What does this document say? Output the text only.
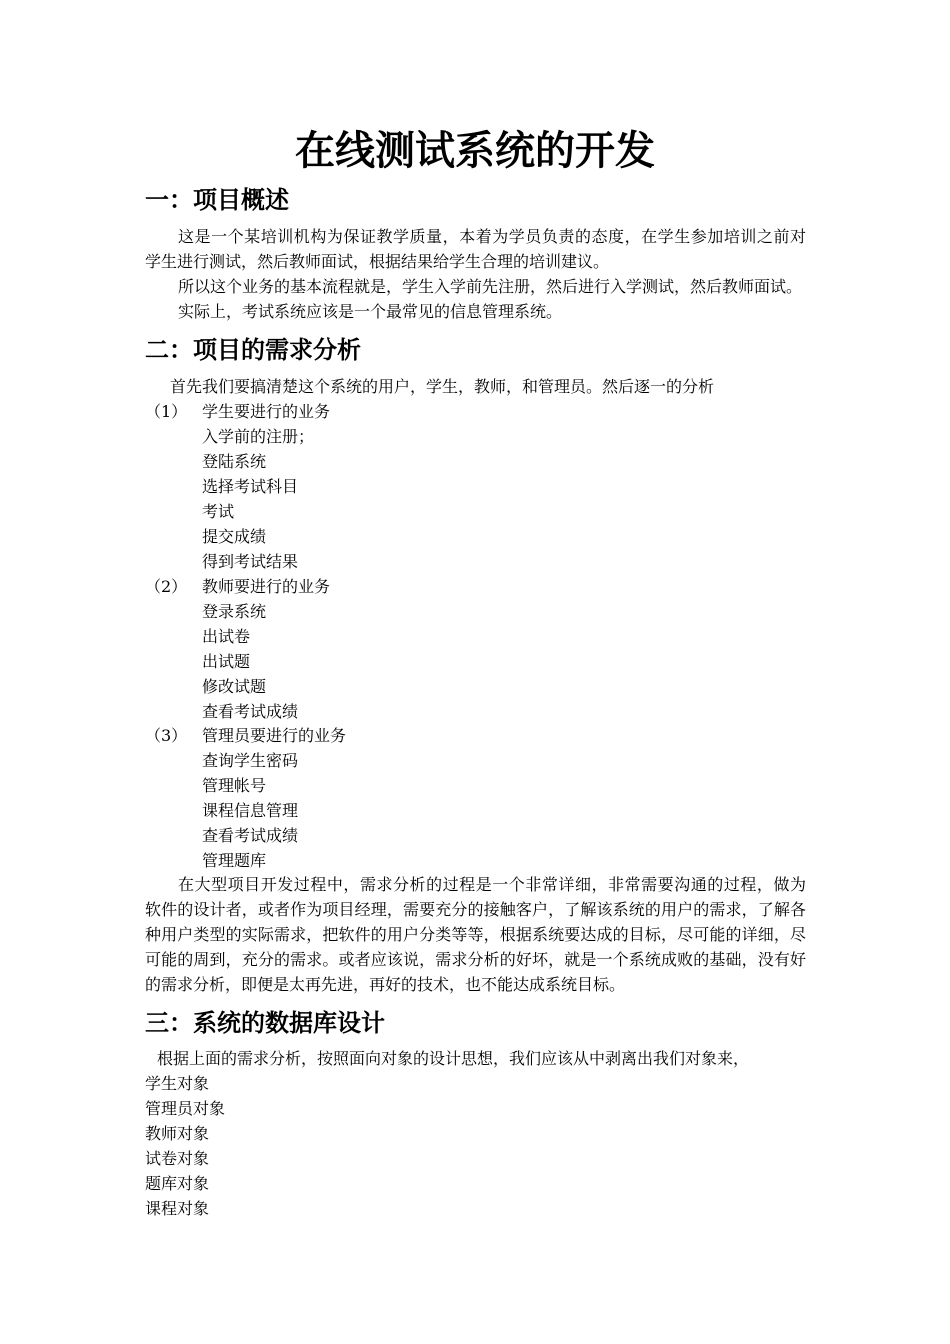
在线测试系统的开发
一：项目概述

这是一个某培训机构为保证教学质量，本着为学员负责的态度，在学生参加培训之前对

学生进行测试，然后教师面试，根据结果给学生合理的培训建议。

所以这个业务的基本流程就是，学生入学前先注册，然后进行入学测试，然后教师面试。

实际上，考试系统应该是一个最常见的信息管理系统。

二：项目的需求分析

首先我们要搞清楚这个系统的用户，学生，教师，和管理员。然后逐一的分析

（1） 学生要进行的业务
入学前的注册；
登陆系统
选择考试科目
考试
提交成绩
得到考试结果
（2） 教师要进行的业务
登录系统
出试卷
出试题
修改试题
查看考试成绩
（3） 管理员要进行的业务
查询学生密码
管理帐号
课程信息管理
查看考试成绩
管理题库

在大型项目开发过程中，需求分析的过程是一个非常详细，非常需要沟通的过程，做为

软件的设计者，或者作为项目经理，需要充分的接触客户，了解该系统的用户的需求，了解各

种用户类型的实际需求，把软件的用户分类等等，根据系统要达成的目标，尽可能的详细，尽

可能的周到，充分的需求。或者应该说，需求分析的好坏，就是一个系统成败的基础，没有好

的需求分析，即便是太再先进，再好的技术，也不能达成系统目标。

三：系统的数据库设计

根据上面的需求分析，按照面向对象的设计思想，我们应该从中剥离出我们对象来，

学生对象
管理员对象
教师对象
试卷对象
题库对象
课程对象
